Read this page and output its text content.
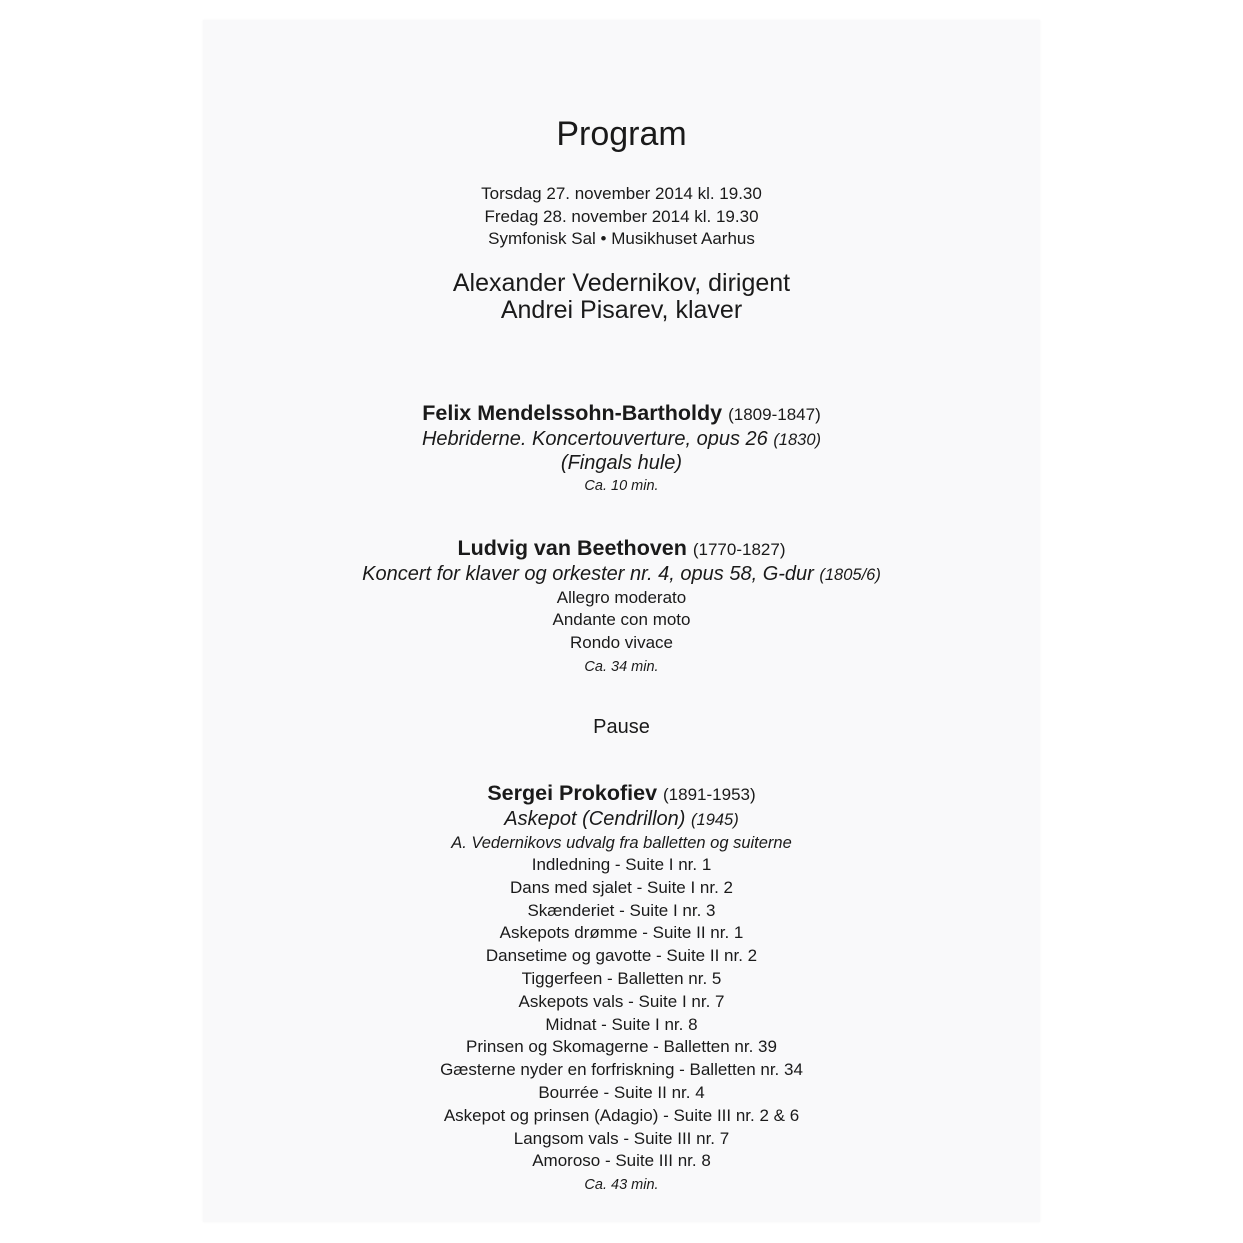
Program
Torsdag 27. november 2014 kl. 19.30
Fredag 28. november 2014 kl. 19.30
Symfonisk Sal • Musikhuset Aarhus
Alexander Vedernikov, dirigent
Andrei Pisarev, klaver
Felix Mendelssohn-Bartholdy (1809-1847)
Hebriderne. Koncertouverture, opus 26 (1830)
(Fingals hule)
Ca. 10 min.
Ludvig van Beethoven (1770-1827)
Koncert for klaver og orkester nr. 4, opus 58, G-dur (1805/6)
Allegro moderato
Andante con moto
Rondo vivace
Ca. 34 min.
Pause
Sergei Prokofiev (1891-1953)
Askepot (Cendrillon) (1945)
A. Vedernikovs udvalg fra balletten og suiterne
Indledning - Suite I nr. 1
Dans med sjalet - Suite I nr. 2
Skænderiet - Suite I nr. 3
Askepots drømme - Suite II nr. 1
Dansetime og gavotte - Suite II nr. 2
Tiggerfeen - Balletten nr. 5
Askepots vals - Suite I nr. 7
Midnat - Suite I nr. 8
Prinsen og Skomagerne - Balletten nr. 39
Gæsterne nyder en forfriskning - Balletten nr. 34
Bourrée - Suite II nr. 4
Askepot og prinsen (Adagio) - Suite III nr. 2 & 6
Langsom vals - Suite III nr. 7
Amoroso - Suite III nr. 8
Ca. 43 min.
